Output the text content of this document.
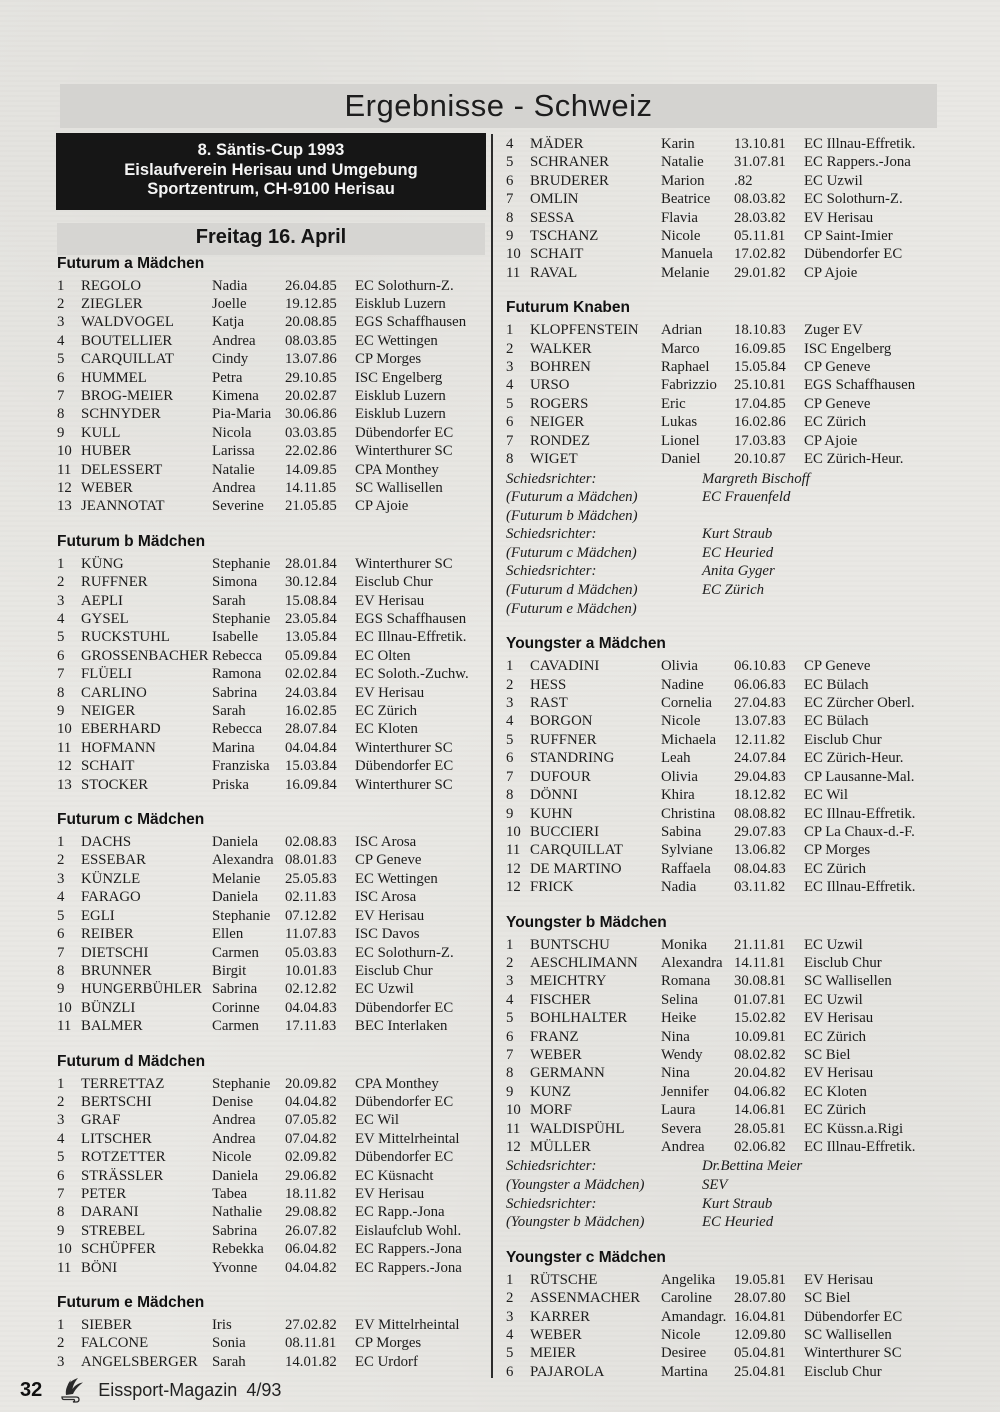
Ergebnisse - Schweiz
8. Säntis-Cup 1993
Eislaufverein Herisau und Umgebung
Sportzentrum, CH-9100 Herisau
Freitag 16. April
Futurum a Mädchen
1	REGOLO	Nadia	26.04.85	EC Solothurn-Z.
2	ZIEGLER	Joelle	19.12.85	Eisklub Luzern
3	WALDVOGEL	Katja	20.08.85	EGS Schaffhausen
4	BOUTELLIER	Andrea	08.03.85	EC Wettingen
5	CARQUILLAT	Cindy	13.07.86	CP Morges
6	HUMMEL	Petra	29.10.85	ISC Engelberg
7	BROG-MEIER	Kimena	20.02.87	Eisklub Luzern
8	SCHNYDER	Pia-Maria 30.06.86	Eisklub Luzern
9	KULL	Nicola	03.03.85	Dübendorfer EC
10 HUBER	Larissa	22.02.86	Winterthurer SC
11 DELESSERT	Natalie	14.09.85	CPA Monthey
12 WEBER	Andrea	14.11.85	SC Wallisellen
13 JEANNOTAT	Severine	21.05.85	CP Ajoie
Futurum b Mädchen
1	KÜNG	Stephanie 28.01.84	Winterthurer SC
2	RUFFNER	Simona	30.12.84	Eisclub Chur
3	AEPLI	Sarah	15.08.84	EV Herisau
4	GYSEL	Stephanie 23.05.84	EGS Schaffhausen
5	RUCKSTUHL	Isabelle	13.05.84	EC Illnau-Effretik.
6	GROSSENBACHER Rebecca	05.09.84	EC Olten
7	FLÜELI	Ramona	02.02.84	EC Soloth.-Zuchw.
8	CARLINO	Sabrina	24.03.84	EV Herisau
9	NEIGER	Sarah	16.02.85	EC Zürich
10 EBERHARD	Rebecca	28.07.84	EC Kloten
11 HOFMANN	Marina	04.04.84	Winterthurer SC
12 SCHAIT	Franziska	15.03.84	Dübendorfer EC
13 STOCKER	Priska	16.09.84	Winterthurer SC
Futurum c Mädchen
1	DACHS	Daniela	02.08.83	ISC Arosa
2	ESSEBAR	Alexandra 08.01.83	CP Geneve
3	KÜNZLE	Melanie	25.05.83	EC Wettingen
4	FARAGO	Daniela	02.11.83	ISC Arosa
5	EGLI	Stephanie 07.12.82	EV Herisau
6	REIBER	Ellen	11.07.83	ISC Davos
7	DIETSCHI	Carmen	05.03.83	EC Solothurn-Z.
8	BRUNNER	Birgit	10.01.83	Eisclub Chur
9	HUNGERBÜHLER Sabrina	02.12.82	EC Uzwil
10 BÜNZLI	Corinne	04.04.83	Dübendorfer EC
11 BALMER	Carmen	17.11.83	BEC Interlaken
Futurum d Mädchen
1	TERRETTAZ	Stephanie 20.09.82	CPA Monthey
2	BERTSCHI	Denise	04.04.82	Dübendorfer EC
3	GRAF	Andrea	07.05.82	EC Wil
4	LITSCHER	Andrea	07.04.82	EV Mittelrheintal
5	ROTZETTER	Nicole	02.09.82	Dübendorfer EC
6	STRÄSSLER	Daniela	29.06.82	EC Küsnacht
7	PETER	Tabea	18.11.82	EV Herisau
8	DARANI	Nathalie	29.08.82	EC Rapp.-Jona
9	STREBEL	Sabrina	26.07.82	Eislaufclub Wohl.
10 SCHÜPFER	Rebekka	06.04.82	EC Rappers.-Jona
11 BÖNI	Yvonne	04.04.82	EC Rappers.-Jona
Futurum e Mädchen
1	SIEBER	Iris	27.02.82	EV Mittelrheintal
2	FALCONE	Sonia	08.11.81	CP Morges
3	ANGELSBERGER Sarah	14.01.82	EC Urdorf
4	MÄDER	Karin	13.10.81	EC Illnau-Effretik.
5	SCHRANER	Natalie	31.07.81	EC Rappers.-Jona
6	BRUDERER	Marion	.82	EC Uzwil
7	OMLIN	Beatrice	08.03.82	EC Solothurn-Z.
8	SESSA	Flavia	28.03.82	EV Herisau
9	TSCHANZ	Nicole	05.11.81	CP Saint-Imier
10 SCHAIT	Manuela	17.02.82	Dübendorfer EC
11 RAVAL	Melanie	29.01.82	CP Ajoie
Futurum Knaben
1	KLOPFENSTEIN	Adrian	18.10.83	Zuger EV
2	WALKER	Marco	16.09.85	ISC Engelberg
3	BOHREN	Raphael	15.05.84	CP Geneve
4	URSO	Fabrizzio	25.10.81	EGS Schaffhausen
5	ROGERS	Eric	17.04.85	CP Geneve
6	NEIGER	Lukas	16.02.86	EC Zürich
7	RONDEZ	Lionel	17.03.83	CP Ajoie
8	WIGET	Daniel	20.10.87	EC Zürich-Heur.
Schiedsrichter:	Margreth Bischoff
(Futurum a Mädchen)	EC Frauenfeld
(Futurum b Mädchen)
Schiedsrichter:	Kurt Straub
(Futurum c Mädchen)	EC Heuried
Schiedsrichter:	Anita Gyger
(Futurum d Mädchen)	EC Zürich
(Futurum e Mädchen)
Youngster a Mädchen
1	CAVADINI	Olivia	06.10.83	CP Geneve
2	HESS	Nadine	06.06.83	EC Bülach
3	RAST	Cornelia	27.04.83	EC Zürcher Oberl.
4	BORGON	Nicole	13.07.83	EC Bülach
5	RUFFNER	Michaela	12.11.82	Eisclub Chur
6	STANDRING	Leah	24.07.84	EC Zürich-Heur.
7	DUFOUR	Olivia	29.04.83	CP Lausanne-Mal.
8	DÖNNI	Khira	18.12.82	EC Wil
9	KUHN	Christina	08.08.82	EC Illnau-Effretik.
10 BUCCIERI	Sabina	29.07.83	CP La Chaux-d.-F.
11 CARQUILLAT	Sylviane	13.06.82	CP Morges
12 DE MARTINO	Raffaela	08.04.83	EC Zürich
12 FRICK	Nadia	03.11.82	EC Illnau-Effretik.
Youngster b Mädchen
1	BUNTSCHU	Monika	21.11.81	EC Uzwil
2	AESCHLIMANN	Alexandra 14.11.81	Eisclub Chur
3	MEICHTRY	Romana	30.08.81	SC Wallisellen
4	FISCHER	Selina	01.07.81	EC Uzwil
5	BOHLHALTER	Heike	15.02.82	EV Herisau
6	FRANZ	Nina	10.09.81	EC Zürich
7	WEBER	Wendy	08.02.82	SC Biel
8	GERMANN	Nina	20.04.82	EV Herisau
9	KUNZ	Jennifer	04.06.82	EC Kloten
10 MORF	Laura	14.06.81	EC Zürich
11 WALDISPÜHL	Severa	28.05.81	EC Küssn.a.Rigi
12 MÜLLER	Andrea	02.06.82	EC Illnau-Effretik.
Schiedsrichter:	Dr.Bettina Meier
(Youngster a Mädchen)	SEV
Schiedsrichter:	Kurt Straub
(Youngster b Mädchen)	EC Heuried
Youngster c Mädchen
1	RÜTSCHE	Angelika	19.05.81	EV Herisau
2	ASSENMACHER	Caroline	28.07.80	SC Biel
3	KARRER	Amandagr. 16.04.81	Dübendorfer EC
4	WEBER	Nicole	12.09.80	SC Wallisellen
5	MEIER	Desiree	05.04.81	Winterthurer SC
6	PAJAROLA	Martina	25.04.81	Eisclub Chur
32	Eissport-Magazin 4/93
